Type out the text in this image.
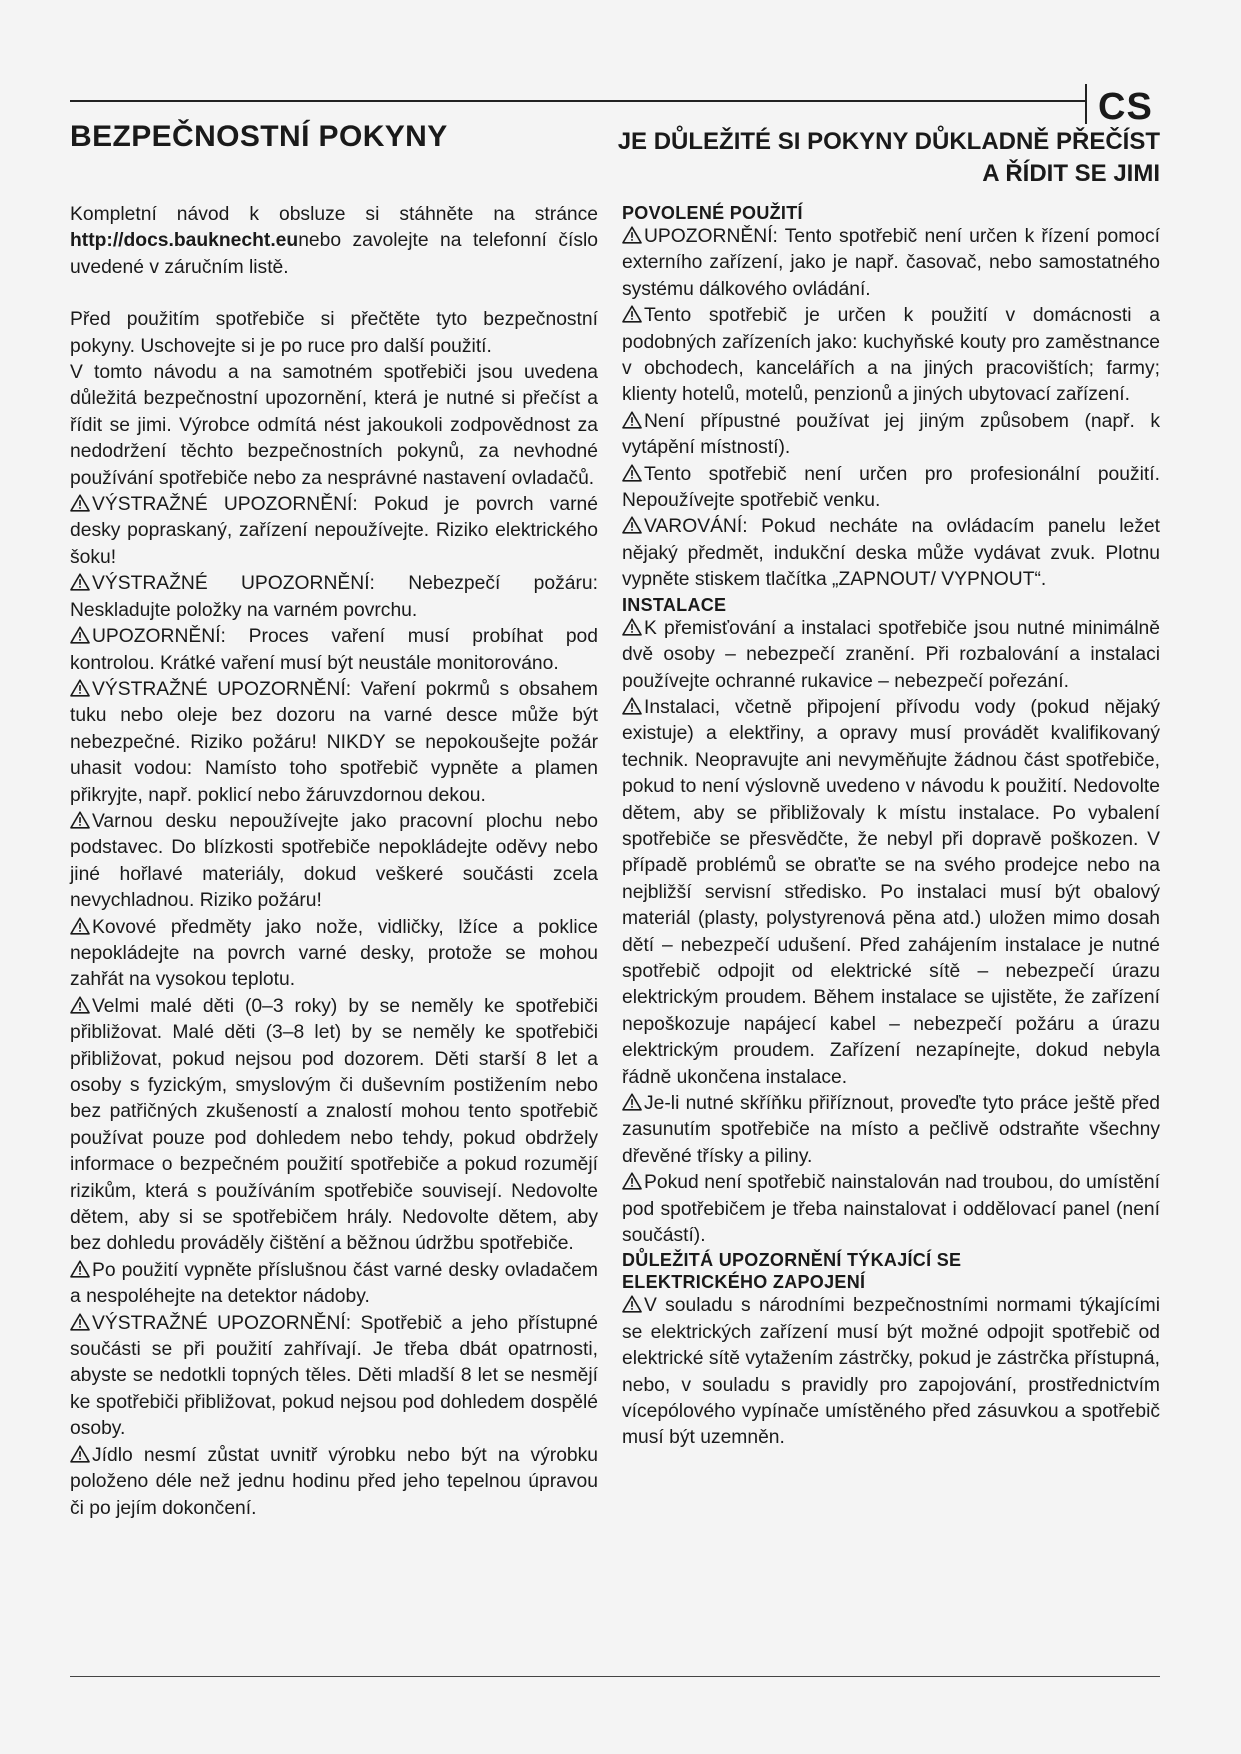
CS
BEZPEČNOSTNÍ POKYNY	JE DŮLEŽITÉ SI POKYNY DŮKLADNĚ PŘEČÍST
A ŘÍDIT SE JIMI

Kompletní návod k obsluze si stáhněte na stránce http://docs.bauknecht.eunebo zavolejte na telefonní číslo uvedené v záručním listě.

Před použitím spotřebiče si přečtěte tyto bezpečnostní pokyny. Uschovejte si je po ruce pro další použití.

V tomto návodu a na samotném spotřebiči jsou uvedena důležitá bezpečnostní upozornění, která je nutné si přečíst a řídit se jimi. Výrobce odmítá nést jakoukoli zodpovědnost za nedodržení těchto bezpečnostních pokynů, za nevhodné používání spotřebiče nebo za nesprávné nastavení ovladačů.

VÝSTRAŽNÉ UPOZORNĚNÍ: Pokud je povrch varné desky popraskaný, zařízení nepoužívejte. Riziko elektrického šoku!

VÝSTRAŽNÉ UPOZORNĚNÍ: Nebezpečí požáru: Neskladujte položky na varném povrchu.

UPOZORNĚNÍ: Proces vaření musí probíhat pod kontrolou. Krátké vaření musí být neustále monitorováno.

VÝSTRAŽNÉ UPOZORNĚNÍ: Vaření pokrmů s obsahem tuku nebo oleje bez dozoru na varné desce může být nebezpečné. Riziko požáru! NIKDY se nepokoušejte požár uhasit vodou: Namísto toho spotřebič vypněte a plamen přikryjte, např. poklicí nebo žáruvzdornou dekou.

Varnou desku nepoužívejte jako pracovní plochu nebo podstavec. Do blízkosti spotřebiče nepokládejte oděvy nebo jiné hořlavé materiály, dokud veškeré součásti zcela nevychladnou. Riziko požáru!

Kovové předměty jako nože, vidličky, lžíce a poklice nepokládejte na povrch varné desky, protože se mohou zahřát na vysokou teplotu.

Velmi malé děti (0–3 roky) by se neměly ke spotřebiči přibližovat. Malé děti (3–8 let) by se neměly ke spotřebiči přibližovat, pokud nejsou pod dozorem. Děti starší 8 let a osoby s fyzickým, smyslovým či duševním postižením nebo bez patřičných zkušeností a znalostí mohou tento spotřebič používat pouze pod dohledem nebo tehdy, pokud obdržely informace o bezpečném použití spotřebiče a pokud rozumějí rizikům, která s používáním spotřebiče souvisejí. Nedovolte dětem, aby si se spotřebičem hrály. Nedovolte dětem, aby bez dohledu prováděly čištění a běžnou údržbu spotřebiče.

Po použití vypněte příslušnou část varné desky ovladačem a nespoléhejte na detektor nádoby.

VÝSTRAŽNÉ UPOZORNĚNÍ: Spotřebič a jeho přístupné součásti se při použití zahřívají. Je třeba dbát opatrnosti, abyste se nedotkli topných těles. Děti mladší 8 let se nesmějí ke spotřebiči přibližovat, pokud nejsou pod dohledem dospělé osoby.

Jídlo nesmí zůstat uvnitř výrobku nebo být na výrobku položeno déle než jednu hodinu před jeho tepelnou úpravou či po jejím dokončení.

POVOLENÉ POUŽITÍ

UPOZORNĚNÍ: Tento spotřebič není určen k řízení pomocí externího zařízení, jako je např. časovač, nebo samostatného systému dálkového ovládání.

Tento spotřebič je určen k použití v domácnosti a podobných zařízeních jako: kuchyňské kouty pro zaměstnance v obchodech, kancelářích a na jiných pracovištích; farmy; klienty hotelů, motelů, penzionů a jiných ubytovací zařízení.

Není přípustné používat jej jiným způsobem (např. k vytápění místností).

Tento spotřebič není určen pro profesionální použití. Nepoužívejte spotřebič venku.

VAROVÁNÍ: Pokud necháte na ovládacím panelu ležet nějaký předmět, indukční deska může vydávat zvuk. Plotnu vypněte stiskem tlačítka „ZAPNOUT/ VYPNOUT“.

INSTALACE

K přemisťování a instalaci spotřebiče jsou nutné minimálně dvě osoby – nebezpečí zranění. Při rozbalování a instalaci používejte ochranné rukavice – nebezpečí pořezání.

Instalaci, včetně připojení přívodu vody (pokud nějaký existuje) a elektřiny, a opravy musí provádět kvalifikovaný technik. Neopravujte ani nevyměňujte žádnou část spotřebiče, pokud to není výslovně uvedeno v návodu k použití. Nedovolte dětem, aby se přibližovaly k místu instalace. Po vybalení spotřebiče se přesvědčte, že nebyl při dopravě poškozen. V případě problémů se obraťte se na svého prodejce nebo na nejbližší servisní středisko. Po instalaci musí být obalový materiál (plasty, polystyrenová pěna atd.) uložen mimo dosah dětí – nebezpečí udušení. Před zahájením instalace je nutné spotřebič odpojit od elektrické sítě – nebezpečí úrazu elektrickým proudem. Během instalace se ujistěte, že zařízení nepoškozuje napájecí kabel – nebezpečí požáru a úrazu elektrickým proudem. Zařízení nezapínejte, dokud nebyla řádně ukončena instalace.

Je-li nutné skříňku přiříznout, proveďte tyto práce ještě před zasunutím spotřebiče na místo a pečlivě odstraňte všechny dřevěné třísky a piliny.

Pokud není spotřebič nainstalován nad troubou, do umístění pod spotřebičem je třeba nainstalovat i oddělovací panel (není součástí).

DŮLEŽITÁ UPOZORNĚNÍ TÝKAJÍCÍ SE
ELEKTRICKÉHO ZAPOJENÍ

V souladu s národními bezpečnostními normami týkajícími se elektrických zařízení musí být možné odpojit spotřebič od elektrické sítě vytažením zástrčky, pokud je zástrčka přístupná, nebo, v souladu s pravidly pro zapojování, prostřednictvím vícepólového vypínače umístěného před zásuvkou a spotřebič musí být uzemněn.
